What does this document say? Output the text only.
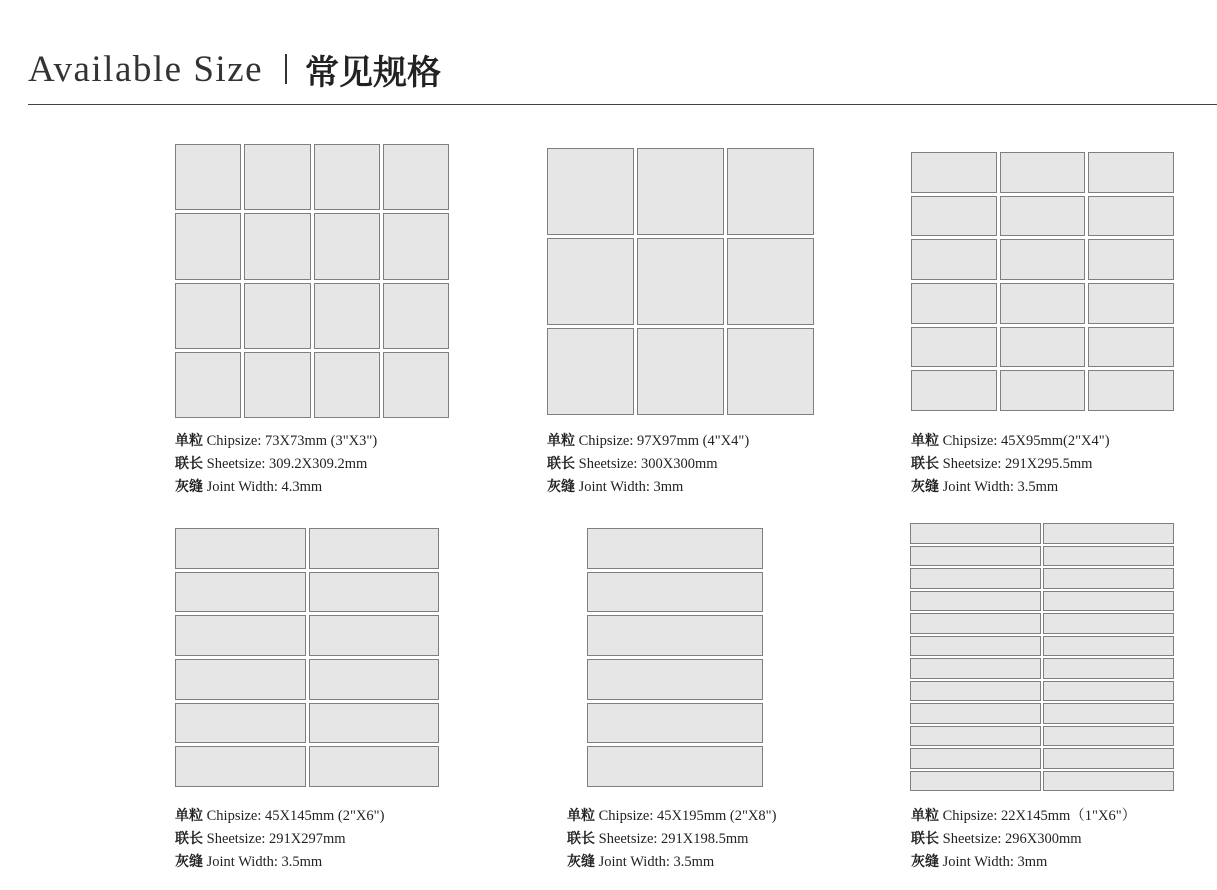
Available Size 常见规格
单粒 Chipsize: 73X73mm (3"X3")
联长 Sheetsize: 309.2X309.2mm
灰缝 Joint Width: 4.3mm
单粒 Chipsize: 97X97mm (4"X4")
联长 Sheetsize: 300X300mm
灰缝 Joint Width: 3mm
单粒 Chipsize: 45X95mm(2"X4")
联长 Sheetsize: 291X295.5mm
灰缝 Joint Width: 3.5mm
单粒 Chipsize: 45X145mm (2"X6")
联长 Sheetsize: 291X297mm
灰缝 Joint Width: 3.5mm
单粒 Chipsize: 45X195mm (2"X8")
联长 Sheetsize: 291X198.5mm
灰缝 Joint Width: 3.5mm
单粒 Chipsize: 22X145mm（1"X6"）
联长 Sheetsize: 296X300mm
灰缝 Joint Width: 3mm
